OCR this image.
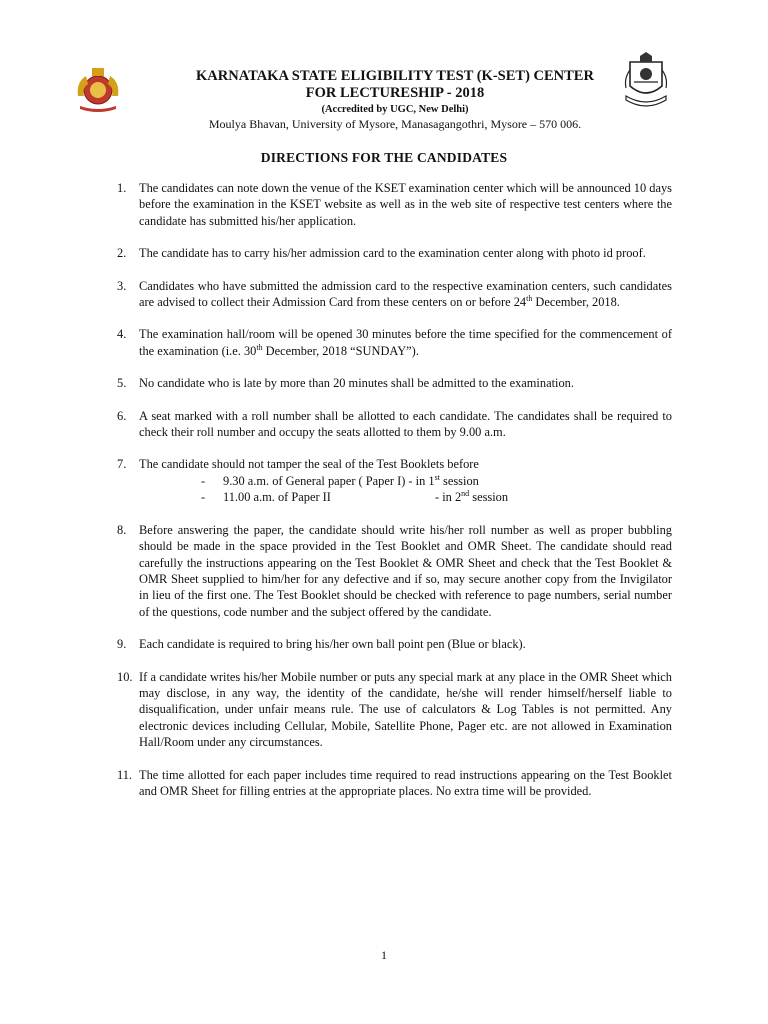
KARNATAKA STATE ELIGIBILITY TEST (K-SET) CENTER
FOR LECTURESHIP - 2018
(Accredited by UGC, New Delhi)
Moulya Bhavan, University of Mysore, Manasagangothri, Mysore – 570 006.
DIRECTIONS FOR THE CANDIDATES
1. The candidates can note down the venue of the KSET examination center which will be announced 10 days before the examination in the KSET website as well as in the web site of respective test centers where the candidate has submitted his/her application.
2. The candidate has to carry his/her admission card to the examination center along with photo id proof.
3. Candidates who have submitted the admission card to the respective examination centers, such candidates are advised to collect their Admission Card from these centers on or before 24th December, 2018.
4. The examination hall/room will be opened 30 minutes before the time specified for the commencement of the examination (i.e. 30th December, 2018 “SUNDAY”).
5. No candidate who is late by more than 20 minutes shall be admitted to the examination.
6. A seat marked with a roll number shall be allotted to each candidate. The candidates shall be required to check their roll number and occupy the seats allotted to them by 9.00 a.m.
7. The candidate should not tamper the seal of the Test Booklets before
-	9.30 a.m. of General paper ( Paper I) - in 1st session
-	11.00 a.m. of Paper II	- in 2nd session
8. Before answering the paper, the candidate should write his/her roll number as well as proper bubbling should be made in the space provided in the Test Booklet and OMR Sheet. The candidate should read carefully the instructions appearing on the Test Booklet & OMR Sheet and check that the Test Booklet & OMR Sheet supplied to him/her for any defective and if so, may secure another copy from the Invigilator in lieu of the first one. The Test Booklet should be checked with reference to page numbers, serial number of the questions, code number and the subject offered by the candidate.
9. Each candidate is required to bring his/her own ball point pen (Blue or black).
10. If a candidate writes his/her Mobile number or puts any special mark at any place in the OMR Sheet which may disclose, in any way, the identity of the candidate, he/she will render himself/herself liable to disqualification, under unfair means rule. The use of calculators & Log Tables is not permitted. Any electronic devices including Cellular, Mobile, Satellite Phone, Pager etc. are not allowed in Examination Hall/Room under any circumstances.
11. The time allotted for each paper includes time required to read instructions appearing on the Test Booklet and OMR Sheet for filling entries at the appropriate places. No extra time will be provided.
1
